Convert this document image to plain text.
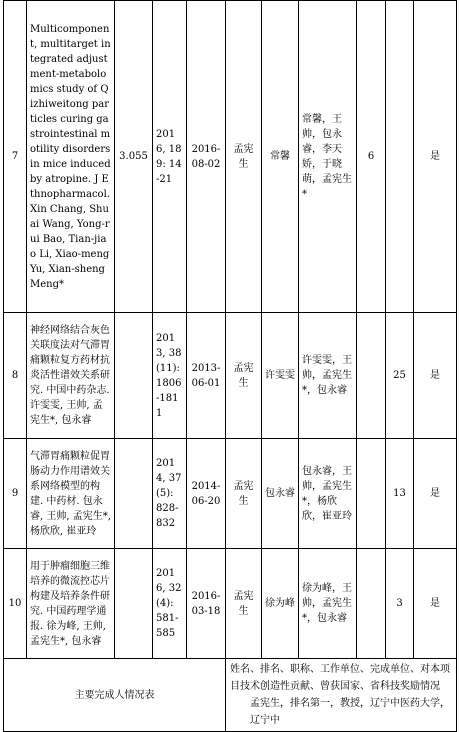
7	Multicomponent, multitarget integrated adjustment-metabolomics study of Qizhiweitong particles curing gastrointestinal motility disorders in mice induced by atropine. J Ethnopharmacol. Xin Chang, Shuai Wang, Yong-rui Bao, Tian-jiao Li, Xiao-meng Yu, Xian-sheng Meng*	3.055	2016, 189: 14-21	2016-08-02	孟宪生	常馨	常馨，王帅，包永睿，李天娇，于晓萌，孟宪生*	6		是
8	神经网络结合灰色关联度法对气滞胃痛颗粒复方药材抗炎活性谱效关系研究. 中国中药杂志. 许雯雯, 王帅, 孟宪生*, 包永睿		2013, 38 (11): 1806-1811	2013-06-01	孟宪生	许雯雯	许雯雯，王帅，孟宪生*，包永睿		25	是
9	气滞胃痛颗粒促胃肠动力作用谱效关系网络模型的构建. 中药材. 包永睿, 王帅, 孟宪生*, 杨欣欣, 崔亚玲		2014, 37 (5): 828-832	2014-06-20	孟宪生	包永睿	包永睿，王帅，孟宪生*，杨欣欣，崔亚玲		13	是
10	用于肿瘤细胞三维培养的微流控芯片构建及培养条件研究. 中国药理学通报. 徐为峰, 王帅, 孟宪生*, 包永睿		2016, 32 (4): 581-585	2016-03-18	孟宪生	徐为峰	徐为峰，王帅，孟宪生*，包永睿		3	是
主要完成人情况表					姓名、排名、职称、工作单位、完成单位、对本项目技术创造性贡献、曾获国家、省科技奖励情况
孟宪生，排名第一，教授，辽宁中医药大学，辽宁中					
